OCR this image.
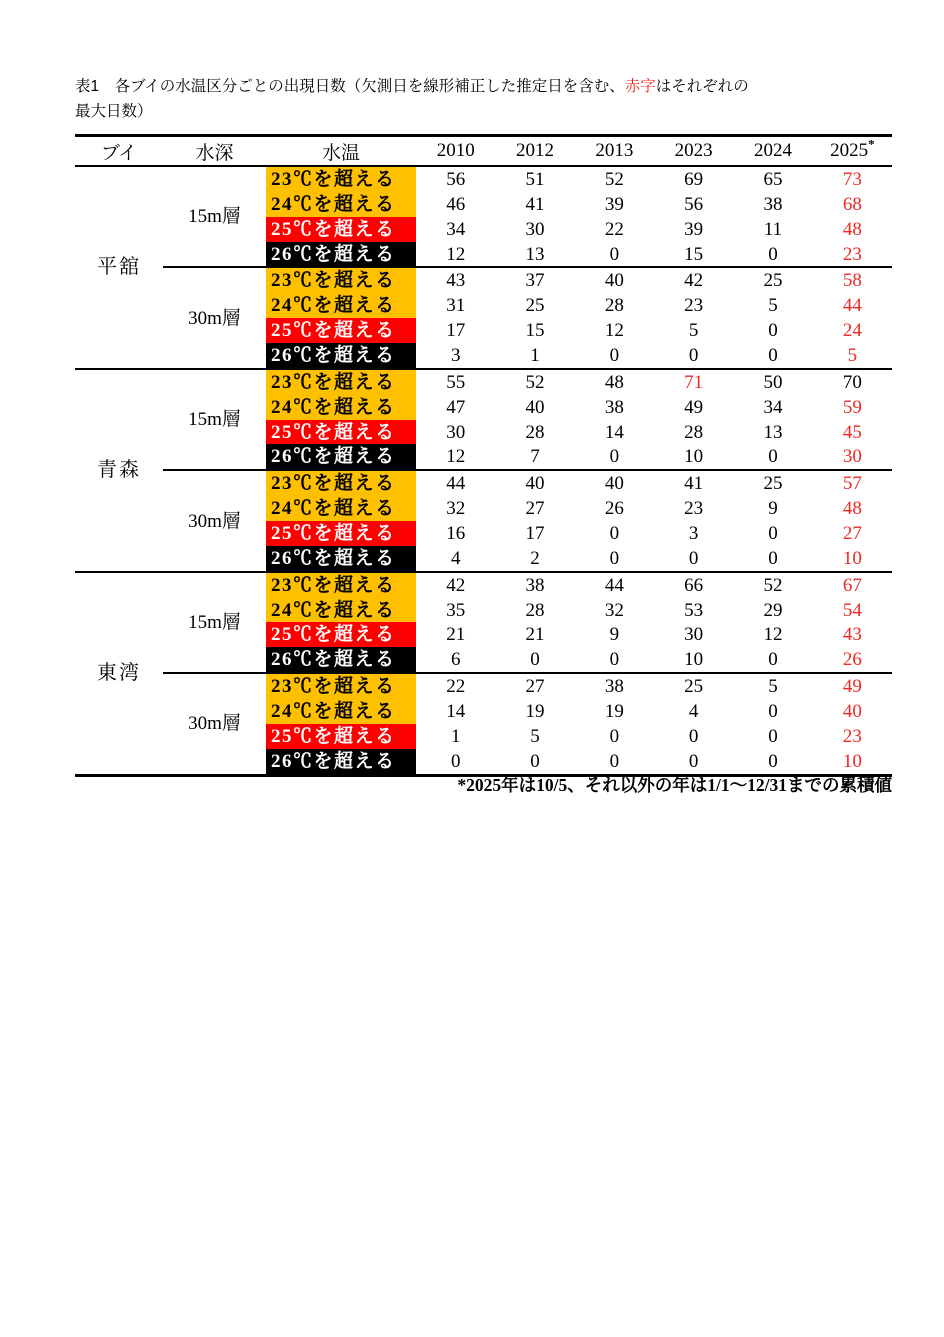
表1　各ブイの水温区分ごとの出現日数（欠測日を線形補正した推定日を含む、赤字はそれぞれの
最大日数）
ブイ	水深	水温	2010	2012	2013	2023	2024	2025*
平舘	15m層	23℃を超える	56	51	52	69	65	73
		24℃を超える	46	41	39	56	38	68
		25℃を超える	34	30	22	39	11	48
		26℃を超える	12	13	0	15	0	23
	30m層	23℃を超える	43	37	40	42	25	58
		24℃を超える	31	25	28	23	5	44
		25℃を超える	17	15	12	5	0	24
		26℃を超える	3	1	0	0	0	5
青森	15m層	23℃を超える	55	52	48	71	50	70
		24℃を超える	47	40	38	49	34	59
		25℃を超える	30	28	14	28	13	45
		26℃を超える	12	7	0	10	0	30
	30m層	23℃を超える	44	40	40	41	25	57
		24℃を超える	32	27	26	23	9	48
		25℃を超える	16	17	0	3	0	27
		26℃を超える	4	2	0	0	0	10
東湾	15m層	23℃を超える	42	38	44	66	52	67
		24℃を超える	35	28	32	53	29	54
		25℃を超える	21	21	9	30	12	43
		26℃を超える	6	0	0	10	0	26
	30m層	23℃を超える	22	27	38	25	5	49
		24℃を超える	14	19	19	4	0	40
		25℃を超える	1	5	0	0	0	23
		26℃を超える	0	0	0	0	0	10
*2025年は10/5、それ以外の年は1/1～12/31までの累積値
